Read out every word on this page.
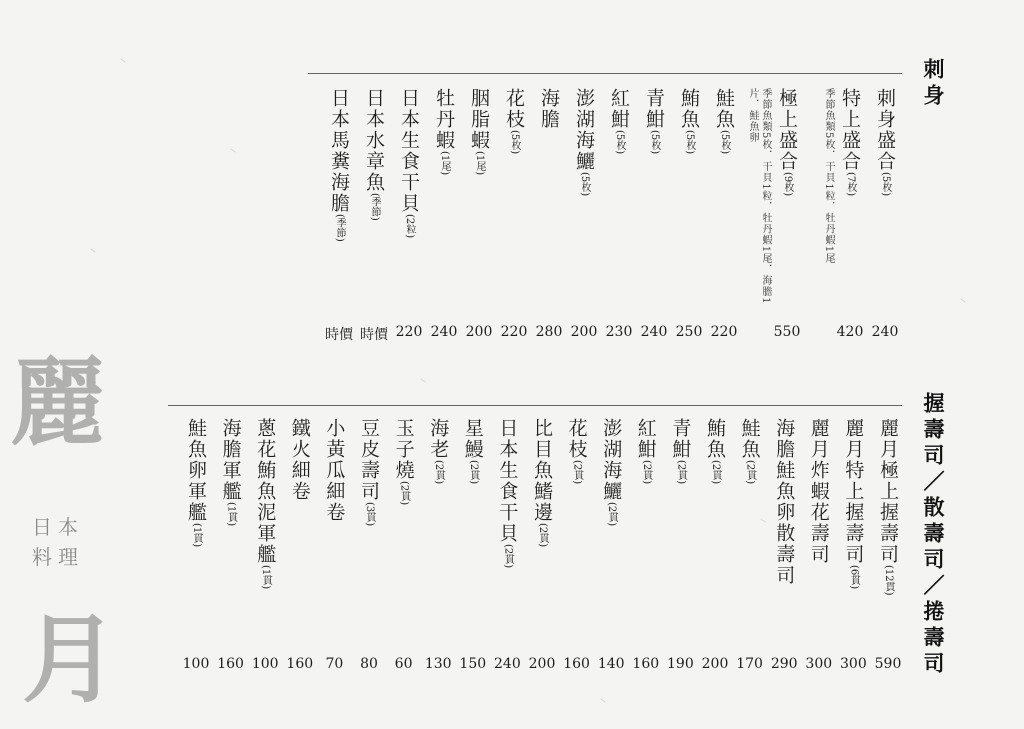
麗
日本
料理
月
刺身
刺身盛合(5枚)
240
特上盛合(7枚)
420
季節魚類5枚．干貝1粒．牡丹蝦1尾
極上盛合(9枚)
550
季節魚類5枚．干貝1粒．牡丹蝦1尾．海膽1片．鮭魚卵
鮭魚(5枚)
220
鮪魚(5枚)
250
青魽(5枚)
240
紅魽(5枚)
230
澎湖海鱺(5枚)
200
海膽
280
花枝(5枚)
220
胭脂蝦(1尾)
200
牡丹蝦(1尾)
240
日本生食干貝(2粒)
220
日本水章魚(季節)
時價
日本馬糞海膽(季節)
時價
握壽司／散壽司／捲壽司
麗月極上握壽司(12貫)
590
麗月特上握壽司(6貫)
300
麗月炸蝦花壽司
300
海膽鮭魚卵散壽司
290
鮭魚(2貫)
170
鮪魚(2貫)
200
青魽(2貫)
190
紅魽(2貫)
160
澎湖海鱺(2貫)
140
花枝(2貫)
160
比目魚鰭邊(2貫)
200
日本生食干貝(2貫)
240
星鰻(2貫)
150
海老(2貫)
130
玉子燒(2貫)
60
豆皮壽司(3貫)
80
小黃瓜細卷
70
鐵火細卷
160
蔥花鮪魚泥軍艦(1貫)
100
海膽軍艦(1貫)
160
鮭魚卵軍艦(1貫)
100
